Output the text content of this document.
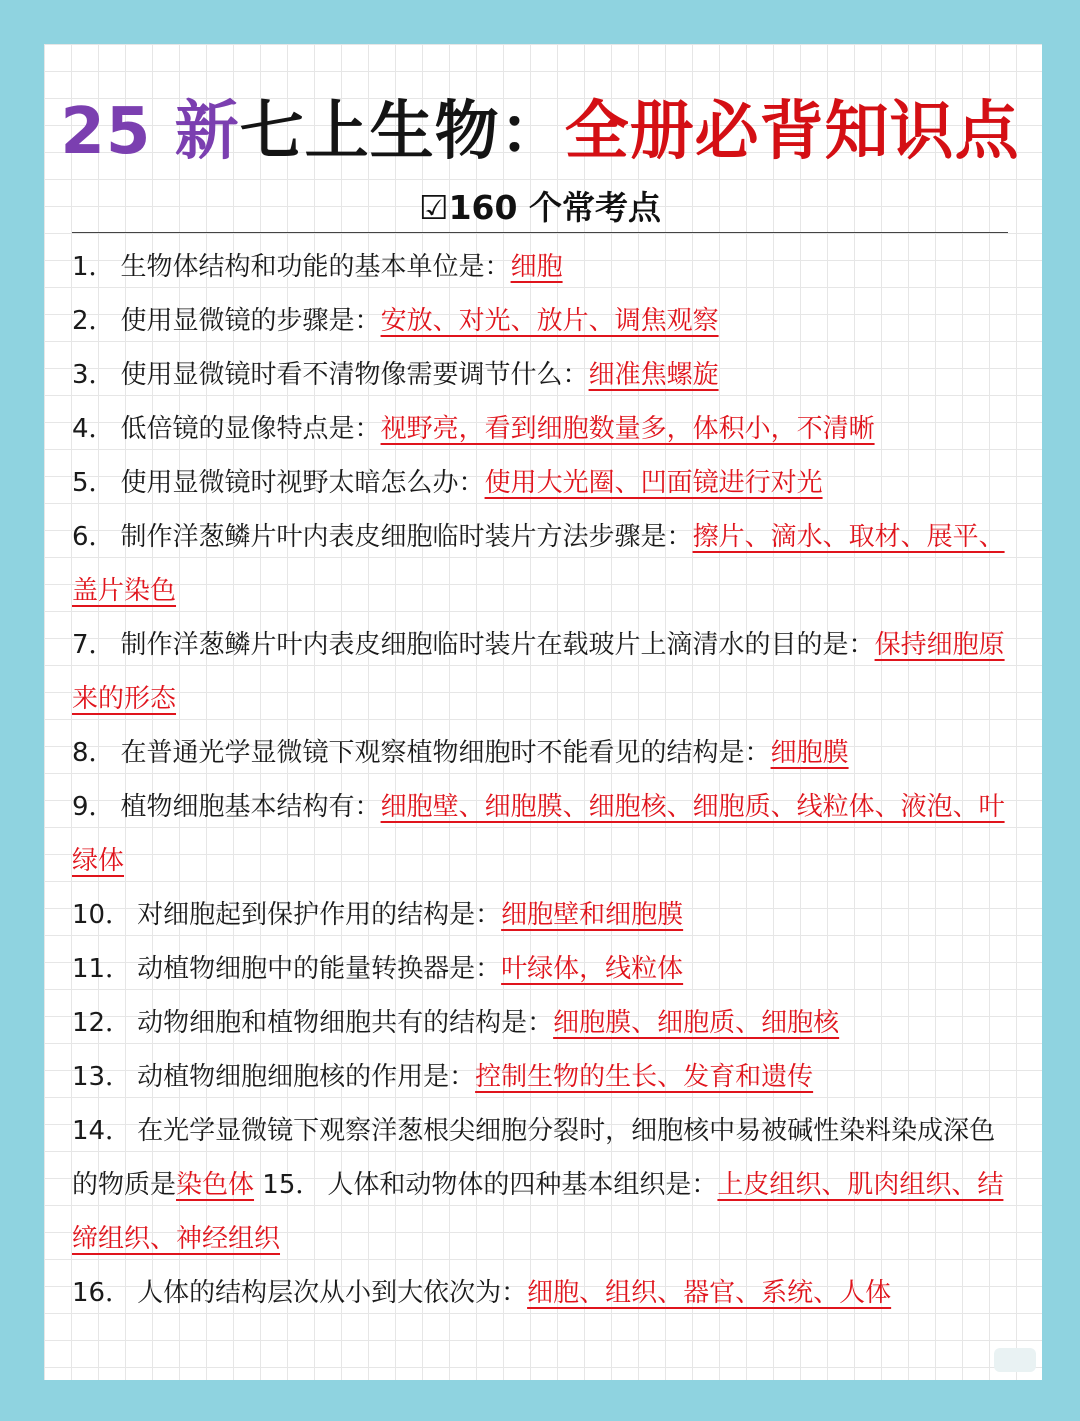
25 新七上生物：全册必背知识点
☑160 个常考点
1． 生物体结构和功能的基本单位是：细胞
2． 使用显微镜的步骤是：安放、对光、放片、调焦观察
3． 使用显微镜时看不清物像需要调节什么：细准焦螺旋
4． 低倍镜的显像特点是：视野亮，看到细胞数量多，体积小，不清晰
5． 使用显微镜时视野太暗怎么办：使用大光圈、凹面镜进行对光
6． 制作洋葱鳞片叶内表皮细胞临时装片方法步骤是：擦片、滴水、取材、展平、盖片染色
7． 制作洋葱鳞片叶内表皮细胞临时装片在载玻片上滴清水的目的是：保持细胞原来的形态
8． 在普通光学显微镜下观察植物细胞时不能看见的结构是：细胞膜
9． 植物细胞基本结构有：细胞壁、细胞膜、细胞核、细胞质、线粒体、液泡、叶绿体
10． 对细胞起到保护作用的结构是：细胞壁和细胞膜
11． 动植物细胞中的能量转换器是：叶绿体，线粒体
12． 动物细胞和植物细胞共有的结构是：细胞膜、细胞质、细胞核
13． 动植物细胞细胞核的作用是：控制生物的生长、发育和遗传
14． 在光学显微镜下观察洋葱根尖细胞分裂时，细胞核中易被碱性染料染成深色的物质是染色体 15． 人体和动物体的四种基本组织是：上皮组织、肌肉组织、结缔组织、神经组织
16． 人体的结构层次从小到大依次为：细胞、组织、器官、系统、人体
